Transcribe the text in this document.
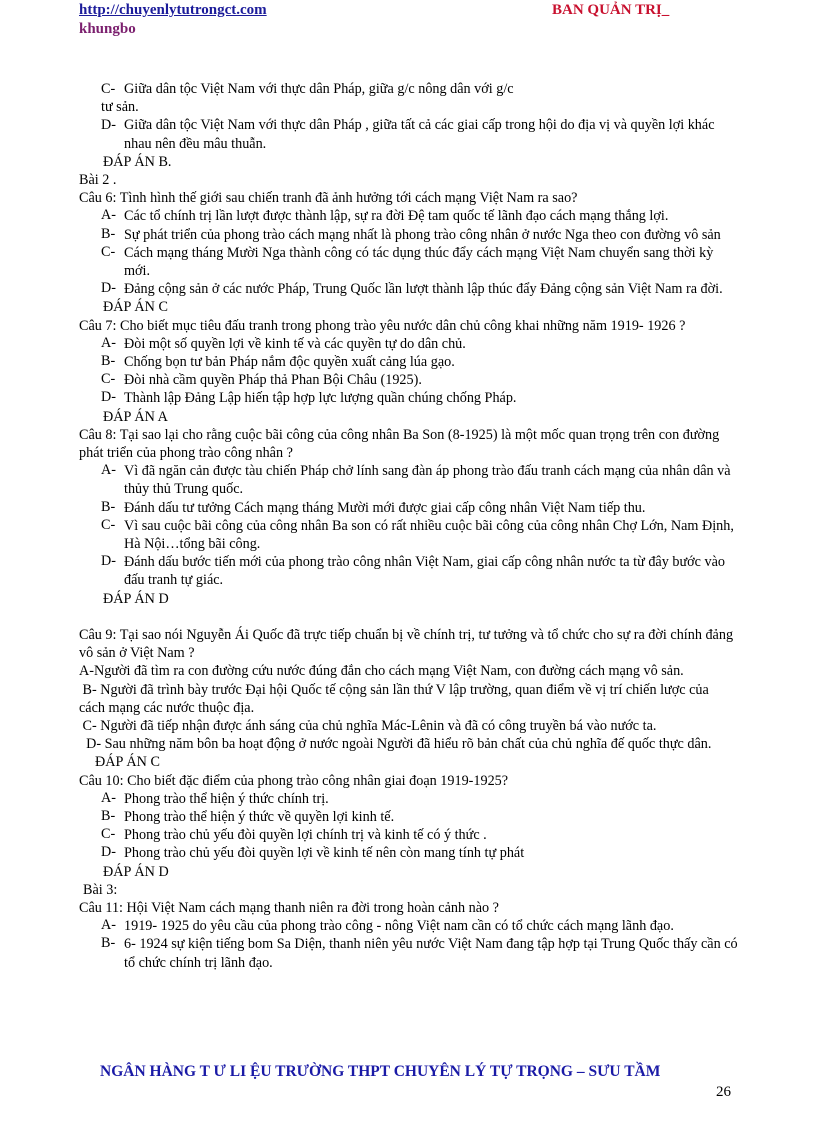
http://chuyenlytutrongct.com	BAN QUẢN TRỊ_
khungbo
C- Giữa dân tộc Việt Nam với thực dân Pháp, giữa g/c nông dân với g/c
tư sản.
D- Giữa dân tộc Việt Nam với thực dân Pháp , giữa tất cả các giai cấp trong hội do địa vị và quyền lợi khác nhau nên đều mâu thuẫn.
ĐÁP ÁN B.
Bài 2 .
Câu 6: Tình hình thế giới sau chiến tranh đã ảnh hưởng tới cách mạng Việt Nam ra sao?
A- Các tổ chính trị lần lượt được thành lập, sự ra đời Đệ tam quốc tế lãnh đạo cách mạng thắng lợi.
B- Sự phát triển của phong trào cách mạng nhất là phong trào công nhân ở nước Nga theo con đường vô sản
C- Cách mạng tháng Mười Nga thành công có tác dụng thúc đẩy cách mạng Việt Nam chuyển sang thời kỳ mới.
D- Đảng cộng sản ở các nước Pháp, Trung Quốc lần lượt thành lập thúc đẩy Đảng cộng sản Việt Nam ra đời.
ĐÁP ÁN C
Câu 7: Cho biết mục tiêu đấu tranh trong phong trào yêu nước dân chủ công khai những năm 1919- 1926 ?
A- Đòi một số quyền lợi về kinh tế và các quyền tự do dân chủ.
B- Chống bọn tư bản Pháp nắm độc quyền xuất cảng lúa gạo.
C- Đòi nhà cầm quyền Pháp thả Phan Bội Châu (1925).
D- Thành lập Đảng Lập hiến tập hợp lực lượng quần chúng chống Pháp.
ĐÁP ÁN A
Câu 8: Tại sao lại cho rằng cuộc bãi công của công nhân Ba Son (8-1925) là một mốc quan trọng trên con đường phát triển của phong trào công nhân ?
A- Vì đã ngăn cản được tàu chiến Pháp chở lính sang đàn áp phong trào đấu tranh cách mạng của nhân dân và thủy thủ Trung quốc.
B- Đánh dấu tư tưởng Cách mạng tháng Mười mới được giai cấp công nhân Việt Nam tiếp thu.
C- Vì sau cuộc bãi công của công nhân Ba son có rất nhiều cuộc bãi công của công nhân Chợ Lớn, Nam Định, Hà Nội…tổng bãi công.
D- Đánh dấu bước tiến mới của phong trào công nhân Việt Nam, giai cấp công nhân nước ta từ đây bước vào đấu tranh tự giác.
ĐÁP ÁN D
Câu 9: Tại sao nói Nguyễn Ái Quốc đã trực tiếp chuẩn bị về chính trị, tư tưởng và tổ chức cho sự ra đời chính đảng vô sản ở Việt Nam ?
A-Người đã tìm ra con đường cứu nước đúng đắn cho cách mạng Việt Nam, con đường cách mạng vô sản.
B- Người đã trình bày trước Đại hội Quốc tế cộng sản lần thứ V lập trường, quan điểm về vị trí chiến lược của cách mạng các nước thuộc địa.
C- Người đã tiếp nhận được ánh sáng của chủ nghĩa Mác-Lênin và đã có công truyền bá vào nước ta.
D- Sau những năm bôn ba hoạt động ở nước ngoài Người đã hiểu rõ bản chất của chủ nghĩa đế quốc thực dân.
ĐÁP ÁN C
Câu 10: Cho biết đặc điểm của phong trào công nhân giai đoạn 1919-1925?
A- Phong trào thể hiện ý thức chính trị.
B- Phong trào thể hiện ý thức về quyền lợi kinh tế.
C- Phong trào chủ yếu đòi quyền lợi chính trị và kinh tế có ý thức .
D- Phong trào chủ yếu đòi quyền lợi về kinh tế nên còn mang tính tự phát
ĐÁP ÁN D
Bài 3:
Câu 11: Hội Việt Nam cách mạng thanh niên ra đời trong hoàn cảnh nào ?
A- 1919- 1925 do yêu cầu của phong trào công - nông Việt nam cần có tổ chức cách mạng lãnh đạo.
B- 6- 1924 sự kiện tiếng bom Sa Diện, thanh niên yêu nước Việt Nam đang tập hợp tại Trung Quốc thấy cần có tổ chức chính trị lãnh đạo.
NGÂN HÀNG T Ư LI ỆU TRƯỜNG THPT CHUYÊN LÝ TỰ TRỌNG – SƯU TẦM
26
